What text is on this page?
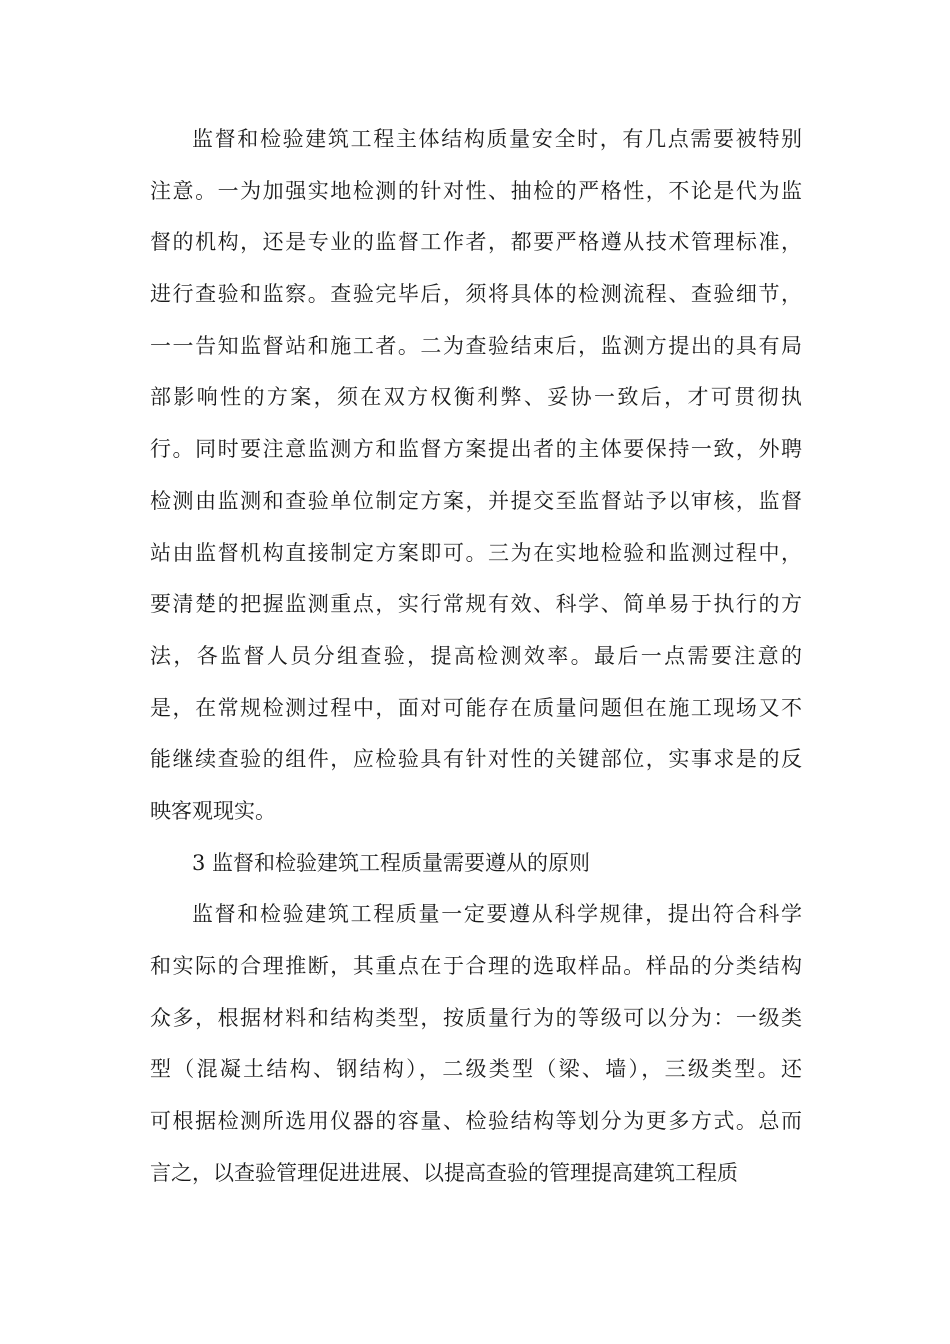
监督和检验建筑工程主体结构质量安全时，有几点需要被特别
注意。一为加强实地检测的针对性、抽检的严格性，不论是代为监
督的机构，还是专业的监督工作者，都要严格遵从技术管理标准，
进行查验和监察。查验完毕后，须将具体的检测流程、查验细节，
一一告知监督站和施工者。二为查验结束后，监测方提出的具有局
部影响性的方案，须在双方权衡利弊、妥协一致后，才可贯彻执
行。同时要注意监测方和监督方案提出者的主体要保持一致，外聘
检测由监测和查验单位制定方案，并提交至监督站予以审核，监督
站由监督机构直接制定方案即可。三为在实地检验和监测过程中，
要清楚的把握监测重点，实行常规有效、科学、简单易于执行的方
法，各监督人员分组查验，提高检测效率。最后一点需要注意的
是，在常规检测过程中，面对可能存在质量问题但在施工现场又不
能继续查验的组件，应检验具有针对性的关键部位，实事求是的反
映客观现实。
3 监督和检验建筑工程质量需要遵从的原则
监督和检验建筑工程质量一定要遵从科学规律，提出符合科学
和实际的合理推断，其重点在于合理的选取样品。样品的分类结构
众多，根据材料和结构类型，按质量行为的等级可以分为：一级类
型（混凝土结构、钢结构），二级类型（梁、墙），三级类型。还
可根据检测所选用仪器的容量、检验结构等划分为更多方式。总而
言之，以查验管理促进进展、以提高查验的管理提高建筑工程质
